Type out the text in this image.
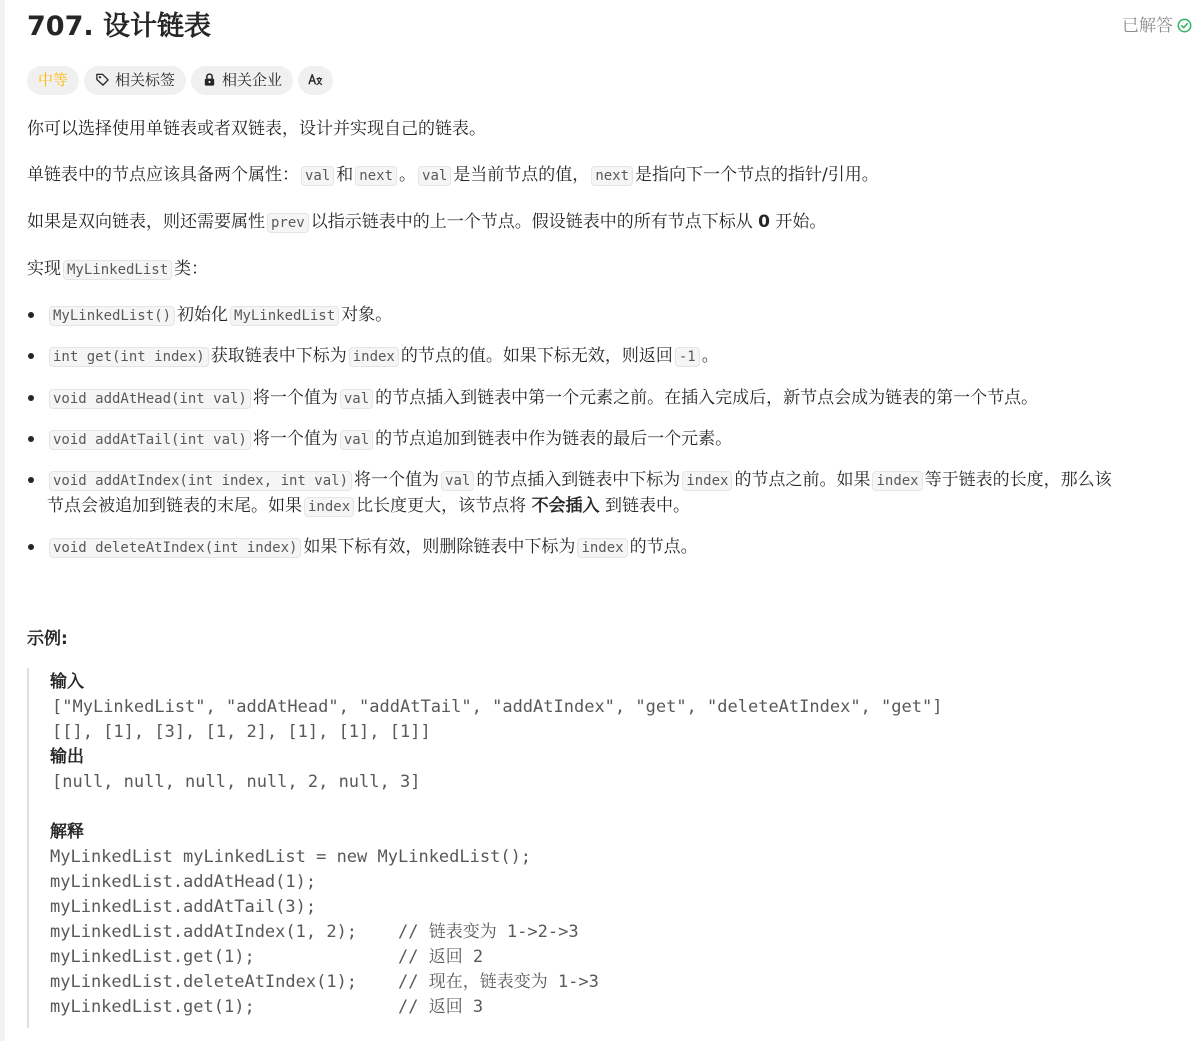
707. 设计链表	已解答
中等	相关标签	相关企业

你可以选择使用单链表或者双链表，设计并实现自己的链表。

单链表中的节点应该具备两个属性： val 和 next 。 val 是当前节点的值， next 是指向下一个节点的指针/引用。

如果是双向链表，则还需要属性 prev 以指示链表中的上一个节点。假设链表中的所有节点下标从 0 开始。

实现 MyLinkedList 类：

MyLinkedList() 初始化 MyLinkedList 对象。
int get(int index) 获取链表中下标为 index 的节点的值。如果下标无效，则返回 -1 。
void addAtHead(int val) 将一个值为 val 的节点插入到链表中第一个元素之前。在插入完成后，新节点会成为链表的第一个节点。
void addAtTail(int val) 将一个值为 val 的节点追加到链表中作为链表的最后一个元素。
void addAtIndex(int index, int val) 将一个值为 val 的节点插入到链表中下标为 index 的节点之前。如果 index 等于链表的长度，那么该
节点会被追加到链表的末尾。如果 index 比长度更大，该节点将 不会插入 到链表中。
void deleteAtIndex(int index) 如果下标有效，则删除链表中下标为 index 的节点。
示例:
输入
["MyLinkedList", "addAtHead", "addAtTail", "addAtIndex", "get", "deleteAtIndex", "get"]
[[], [1], [3], [1, 2], [1], [1], [1]]
输出
[null, null, null, null, 2, null, 3]
解释
MyLinkedList myLinkedList = new MyLinkedList();
myLinkedList.addAtHead(1);
myLinkedList.addAtTail(3);
myLinkedList.addAtIndex(1, 2);    // 链表变为 1->2->3
myLinkedList.get(1);              // 返回 2
myLinkedList.deleteAtIndex(1);    // 现在，链表变为 1->3
myLinkedList.get(1);              // 返回 3
